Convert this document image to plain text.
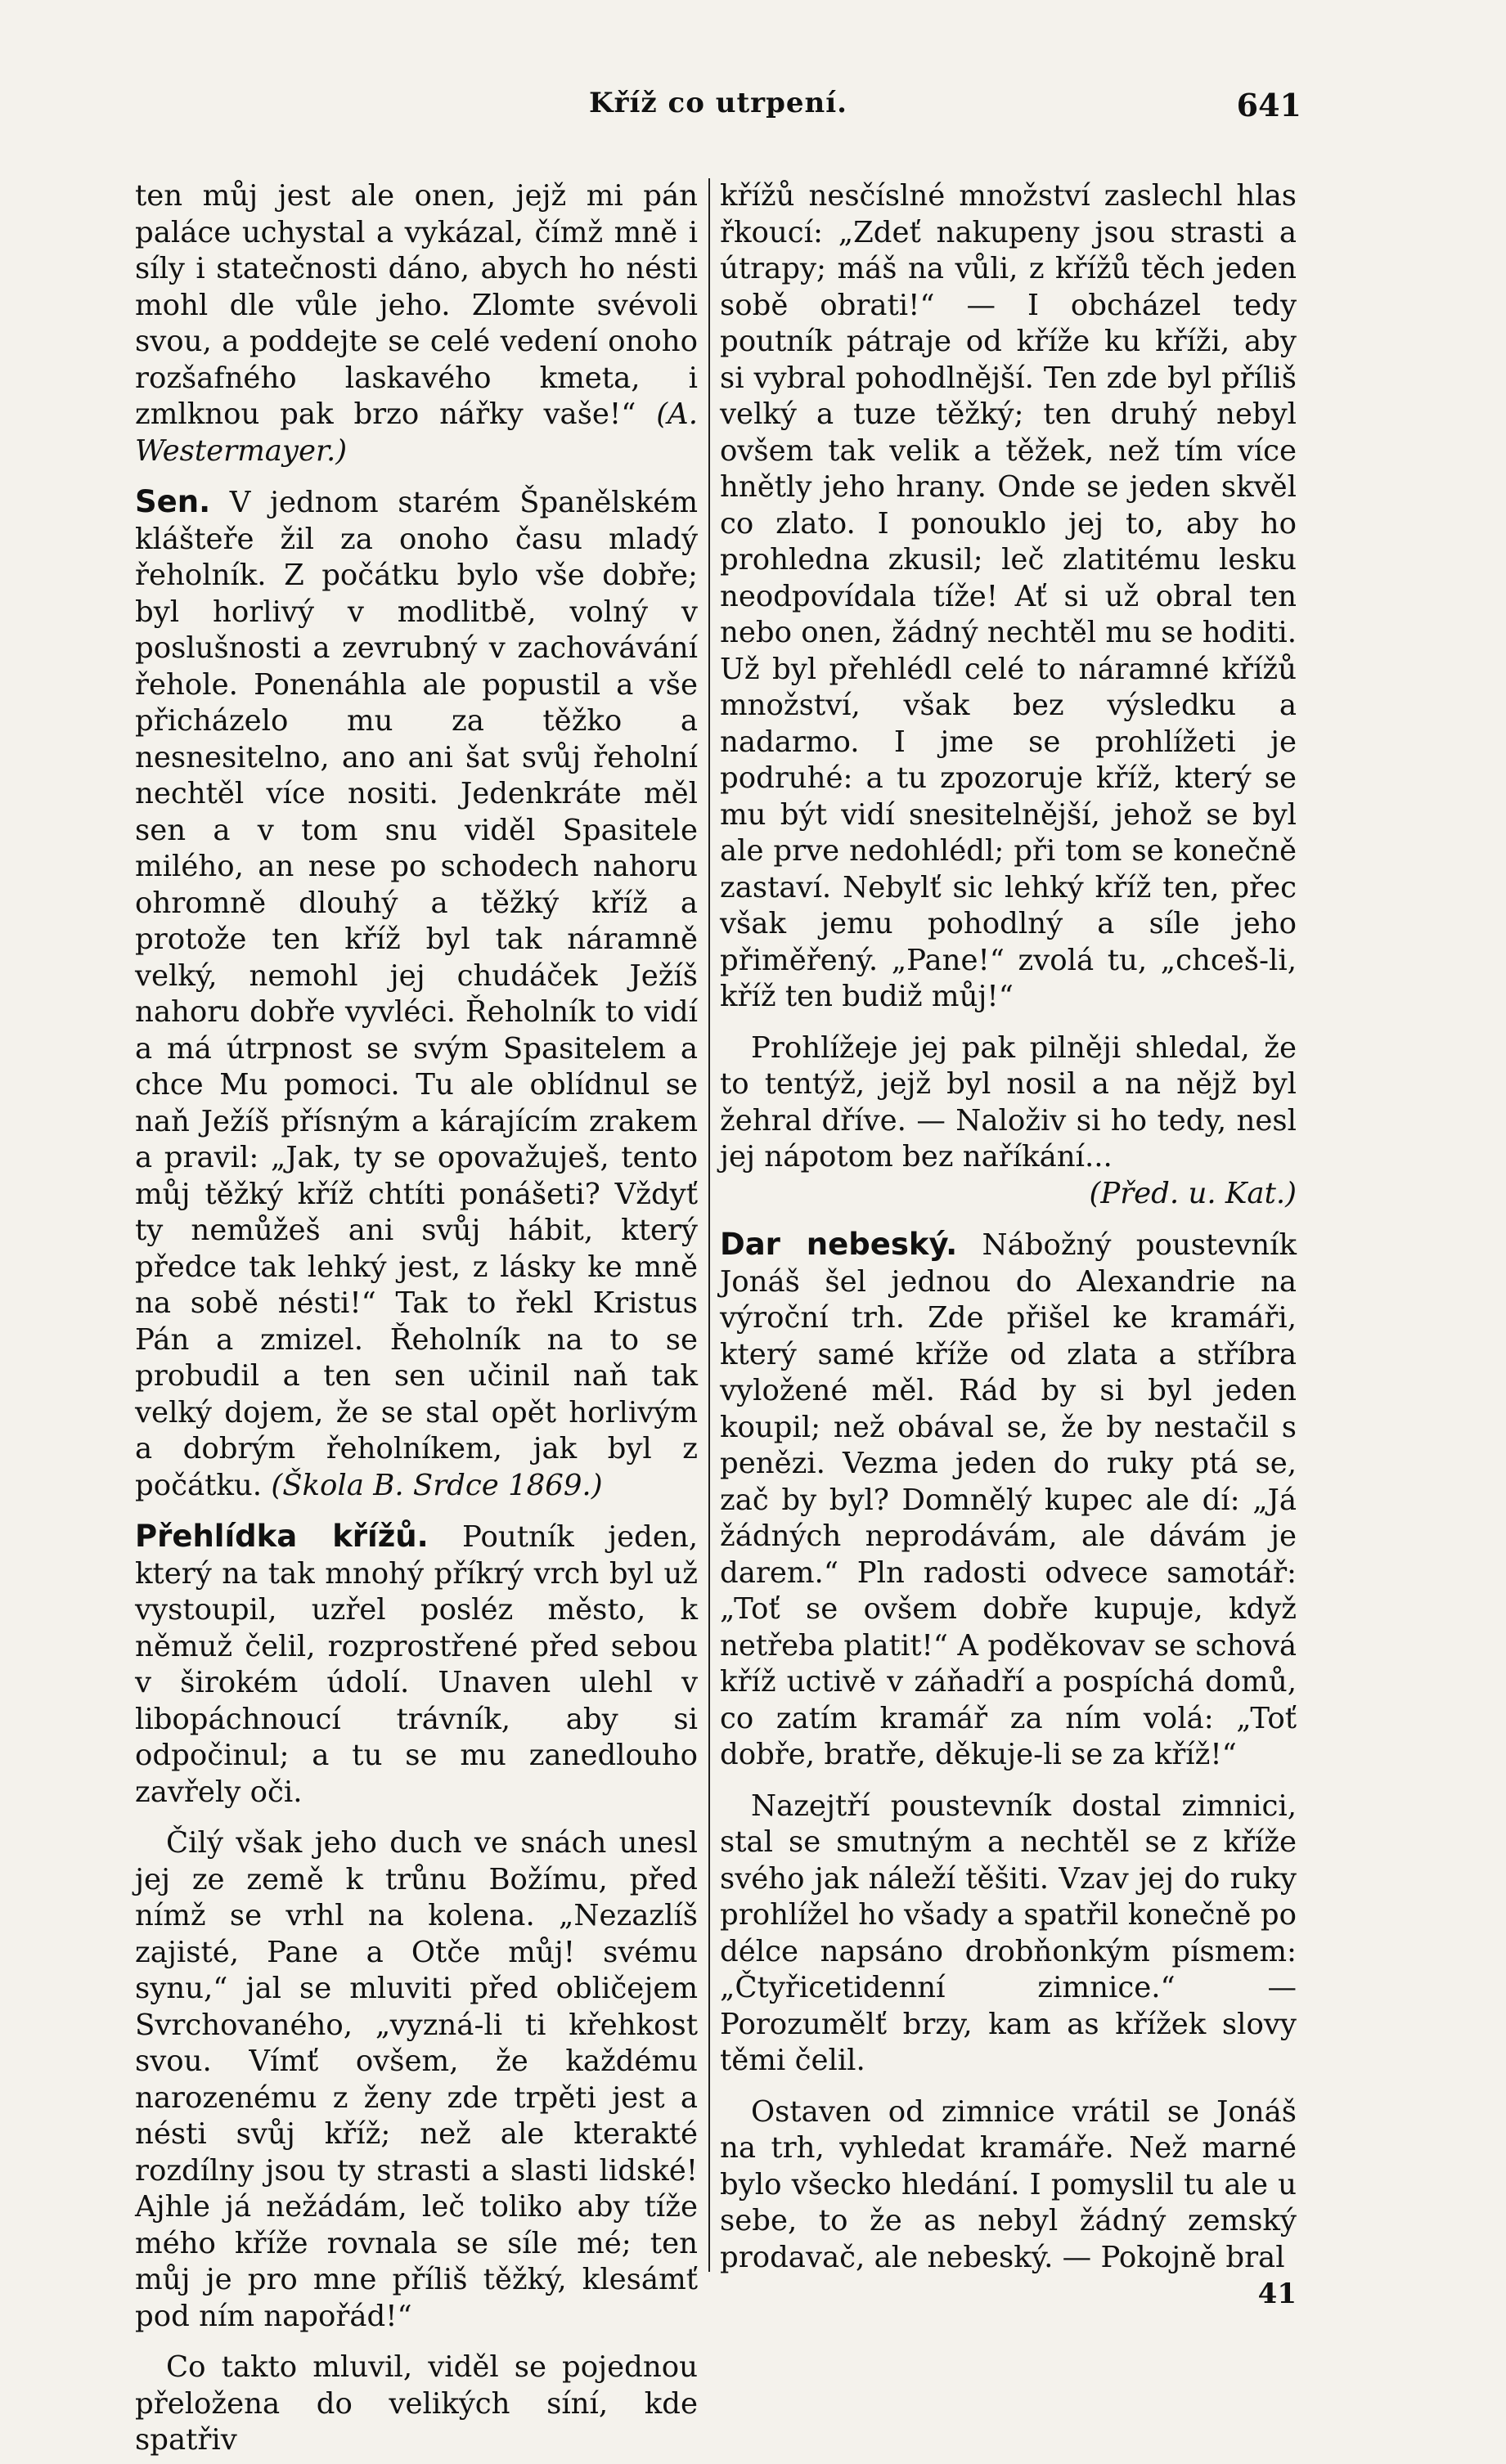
Kříž co utrpení.	641

ten můj jest ale onen, jejž mi pán paláce uchystal a vykázal, čímž mně i síly i statečnosti dáno, abych ho nésti mohl dle vůle jeho. Zlomte svévoli svou, a poddejte se celé vedení onoho rozšafného laskavého kmeta, i zmlknou pak brzo nářky vaše!“ (A. Westermayer.)

Sen. V jednom starém Španělském klášteře žil za onoho času mladý řeholník. Z počátku bylo vše dobře; byl horlivý v modlitbě, volný v poslušnosti a zevrubný v zachovávání řehole. Ponenáhla ale popustil a vše přicházelo mu za těžko a nesnesitelno, ano ani šat svůj řeholní nechtěl více nositi. Jedenkráte měl sen a v tom snu viděl Spasitele milého, an nese po schodech nahoru ohromně dlouhý a těžký kříž a protože ten kříž byl tak náramně velký, nemohl jej chudáček Ježíš nahoru dobře vyvléci. Řeholník to vidí a má útrpnost se svým Spasitelem a chce Mu pomoci. Tu ale oblídnul se naň Ježíš přísným a kárajícím zrakem a pravil: „Jak, ty se opovažuješ, tento můj těžký kříž chtíti ponášeti? Vždyť ty nemůžeš ani svůj hábit, který předce tak lehký jest, z lásky ke mně na sobě nésti!“ Tak to řekl Kristus Pán a zmizel. Řeholník na to se probudil a ten sen učinil naň tak velký dojem, že se stal opět horlivým a dobrým řeholníkem, jak byl z počátku. (Škola B. Srdce 1869.)

Přehlídka křížů. Poutník jeden, který na tak mnohý příkrý vrch byl už vystoupil, uzřel posléz město, k němuž čelil, rozprostřené před sebou v širokém údolí. Unaven ulehl v libopáchnoucí trávník, aby si odpočinul; a tu se mu zanedlouho zavřely oči.

Čilý však jeho duch ve snách unesl jej ze země k trůnu Božímu, před nímž se vrhl na kolena. „Nezazlíš zajisté, Pane a Otče můj! svému synu,“ jal se mluviti před obličejem Svrchovaného, „vyzná-li ti křehkost svou. Vímť ovšem, že každému narozenému z ženy zde trpěti jest a nésti svůj kříž; než ale kterakté rozdílny jsou ty strasti a slasti lidské! Ajhle já nežádám, leč toliko aby tíže mého kříže rovnala se síle mé; ten můj je pro mne příliš těžký, klesámť pod ním napořád!“

Co takto mluvil, viděl se pojednou přeložena do velikých síní, kde spatřiv

křížů nesčíslné množství zaslechl hlas řkoucí: „Zdeť nakupeny jsou strasti a útrapy; máš na vůli, z křížů těch jeden sobě obrati!“ — I obcházel tedy poutník pátraje od kříže ku kříži, aby si vybral pohodlnější. Ten zde byl příliš velký a tuze těžký; ten druhý nebyl ovšem tak velik a těžek, než tím více hnětly jeho hrany. Onde se jeden skvěl co zlato. I ponouklo jej to, aby ho prohledna zkusil; leč zlatitému lesku neodpovídala tíže! Ať si už obral ten nebo onen, žádný nechtěl mu se hoditi. Už byl přehlédl celé to náramné křížů množství, však bez výsledku a nadarmo. I jme se prohlížeti je podruhé: a tu zpozoruje kříž, který se mu být vidí snesitelnější, jehož se byl ale prve nedohlédl; při tom se konečně zastaví. Nebylť sic lehký kříž ten, přec však jemu pohodlný a síle jeho přiměřený. „Pane!“ zvolá tu, „chceš-li, kříž ten budiž můj!“

Prohlížeje jej pak pilněji shledal, že to tentýž, jejž byl nosil a na nějž byl žehral dříve. — Naloživ si ho tedy, nesl jej nápotom bez naříkání...

(Před. u. Kat.)

Dar nebeský. Nábožný poustevník Jonáš šel jednou do Alexandrie na výroční trh. Zde přišel ke kramáři, který samé kříže od zlata a stříbra vyložené měl. Rád by si byl jeden koupil; než obával se, že by nestačil s penězi. Vezma jeden do ruky ptá se, zač by byl? Domnělý kupec ale dí: „Já žádných neprodávám, ale dávám je darem.“ Pln radosti odvece samotář: „Toť se ovšem dobře kupuje, když netřeba platit!“ A poděkovav se schová kříž uctivě v záňadří a pospíchá domů, co zatím kramář za ním volá: „Toť dobře, bratře, děkuje-li se za kříž!“

Nazejtří poustevník dostal zimnici, stal se smutným a nechtěl se z kříže svého jak náleží těšiti. Vzav jej do ruky prohlížel ho všady a spatřil konečně po délce napsáno drobňonkým písmem: „Čtyřicetidenní zimnice.“ — Porozumělť brzy, kam as křížek slovy těmi čelil.

Ostaven od zimnice vrátil se Jonáš na trh, vyhledat kramáře. Než marné bylo všecko hledání. I pomyslil tu ale u sebe, to že as nebyl žádný zemský prodavač, ale nebeský. — Pokojně bral

41
